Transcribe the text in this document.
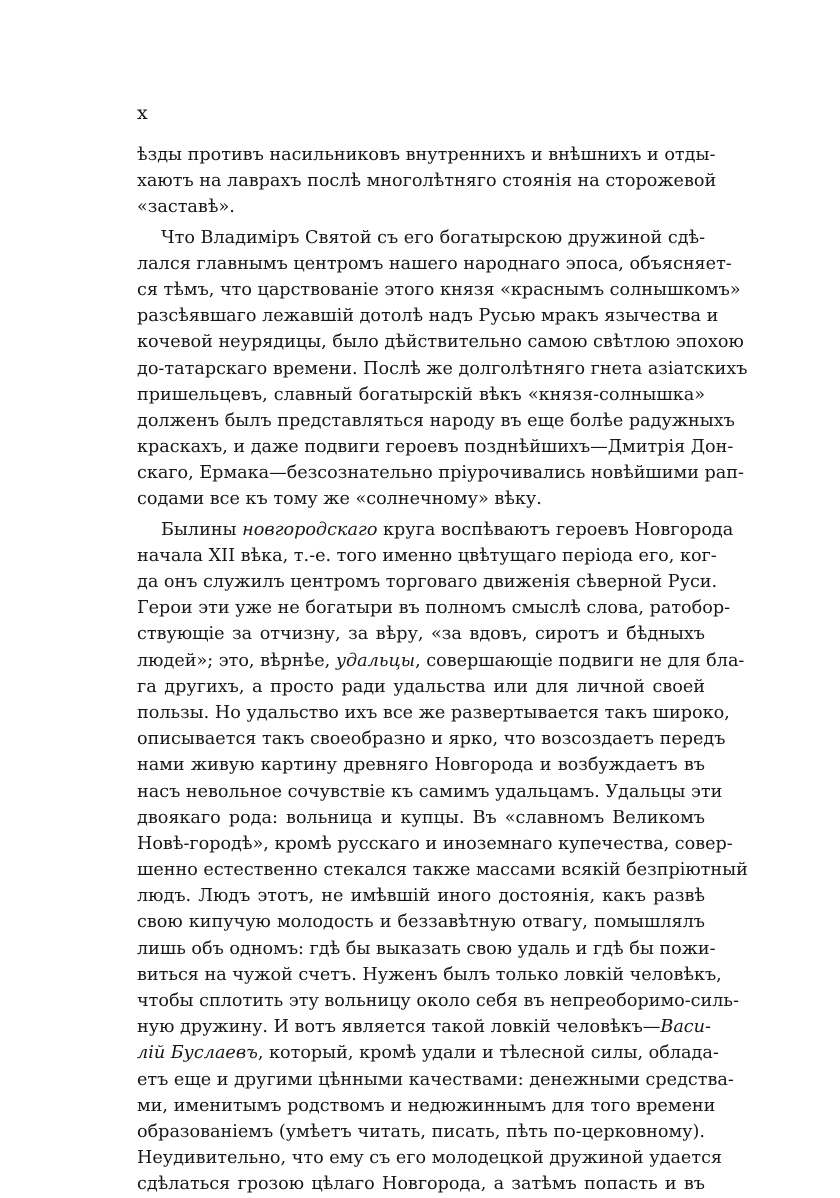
x
ѣзды противъ насильниковъ внутреннихъ и внѣшнихъ и отды-
хаютъ на лаврахъ послѣ многолѣтняго стоянія на сторожевой
«заставѣ».
Что Владиміръ Святой съ его богатырскою дружиной сдѣ-
лался главнымъ центромъ нашего народнаго эпоса, объясняет-
ся тѣмъ, что царствованіе этого князя «краснымъ солнышкомъ»
разсѣявшаго лежавшій дотолѣ надъ Русью мракъ язычества и
кочевой неурядицы, было дѣйствительно самою свѣтлою эпохою
до-татарскаго времени. Послѣ же долголѣтняго гнета азіатскихъ
пришельцевъ, славный богатырскій вѣкъ «князя-солнышка»
долженъ былъ представляться народу въ еще болѣе радужныхъ
краскахъ, и даже подвиги героевъ позднѣйшихъ—Дмитрія Дон-
скаго, Ермака—безсознательно пріурочивались новѣйшими рап-
содами все къ тому же «солнечному» вѣку.
Былины новгородскаго круга воспѣваютъ героевъ Новгорода
начала XII вѣка, т.-е. того именно цвѣтущаго періода его, ког-
да онъ служилъ центромъ торговаго движенія сѣверной Руси.
Герои эти уже не богатыри въ полномъ смыслѣ слова, ратобор-
ствующіе за отчизну, за вѣру, «за вдовъ, сиротъ и бѣдныхъ
людей»; это, вѣрнѣе, удальцы, совершающіе подвиги не для бла-
га другихъ, а просто ради удальства или для личной своей
пользы. Но удальство ихъ все же развертывается такъ широко,
описывается такъ своеобразно и ярко, что возсоздаетъ передъ
нами живую картину древняго Новгорода и возбуждаетъ въ
насъ невольное сочувствіе къ самимъ удальцамъ. Удальцы эти
двоякаго рода: вольница и купцы. Въ «славномъ Великомъ
Новѣ-городѣ», кромѣ русскаго и иноземнаго купечества, совер-
шенно естественно стекался также массами всякій безпріютный
людъ. Людъ этотъ, не имѣвшій иного достоянія, какъ развѣ
свою кипучую молодость и беззавѣтную отвагу, помышлялъ
лишь объ одномъ: гдѣ бы выказать свою удаль и гдѣ бы пожи-
виться на чужой счетъ. Нуженъ былъ только ловкій человѣкъ,
чтобы сплотить эту вольницу около себя въ непреоборимо-силь-
ную дружину. И вотъ является такой ловкій человѣкъ—Васи-
лій Буслаевъ, который, кромѣ удали и тѣлесной силы, облада-
етъ еще и другими цѣнными качествами: денежными средства-
ми, именитымъ родствомъ и недюжиннымъ для того времени
образованіемъ (умѣетъ читать, писать, пѣть по-церковному).
Неудивительно, что ему съ его молодецкой дружиной удается
сдѣлаться грозою цѣлаго Новгорода, а затѣмъ попасть и въ
